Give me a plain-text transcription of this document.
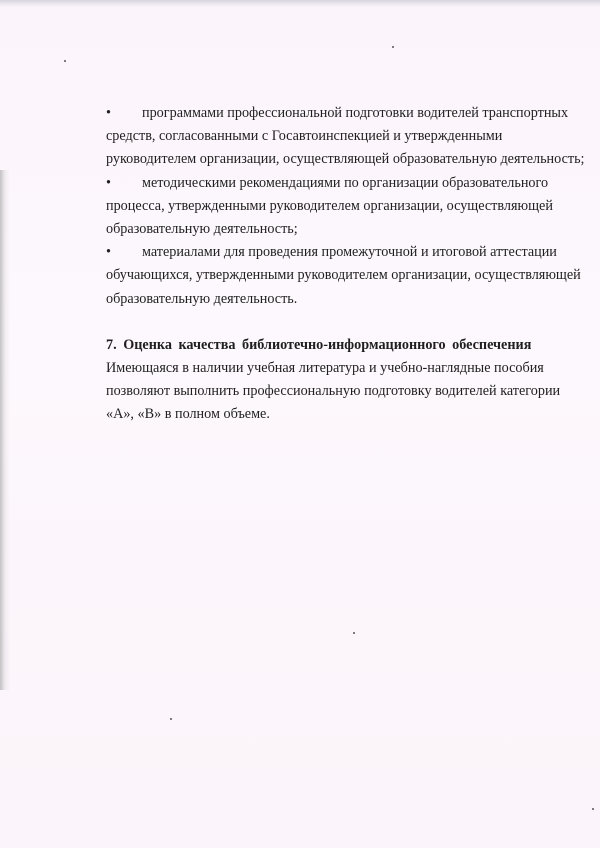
•	программами профессиональной подготовки водителей транспортных
средств, согласованными с Госавтоинспекцией и утвержденными
руководителем организации, осуществляющей образовательную деятельность;
•	методическими рекомендациями по организации образовательного
процесса, утвержденными руководителем организации, осуществляющей
образовательную деятельность;
•	материалами для проведения промежуточной и итоговой аттестации
обучающихся, утвержденными руководителем организации, осуществляющей
образовательную деятельность.
7. Оценка качества библиотечно-информационного обеспечения
Имеющаяся в наличии учебная литература и учебно-наглядные пособия
позволяют выполнить профессиональную подготовку водителей категории
«А», «В» в полном объеме.
